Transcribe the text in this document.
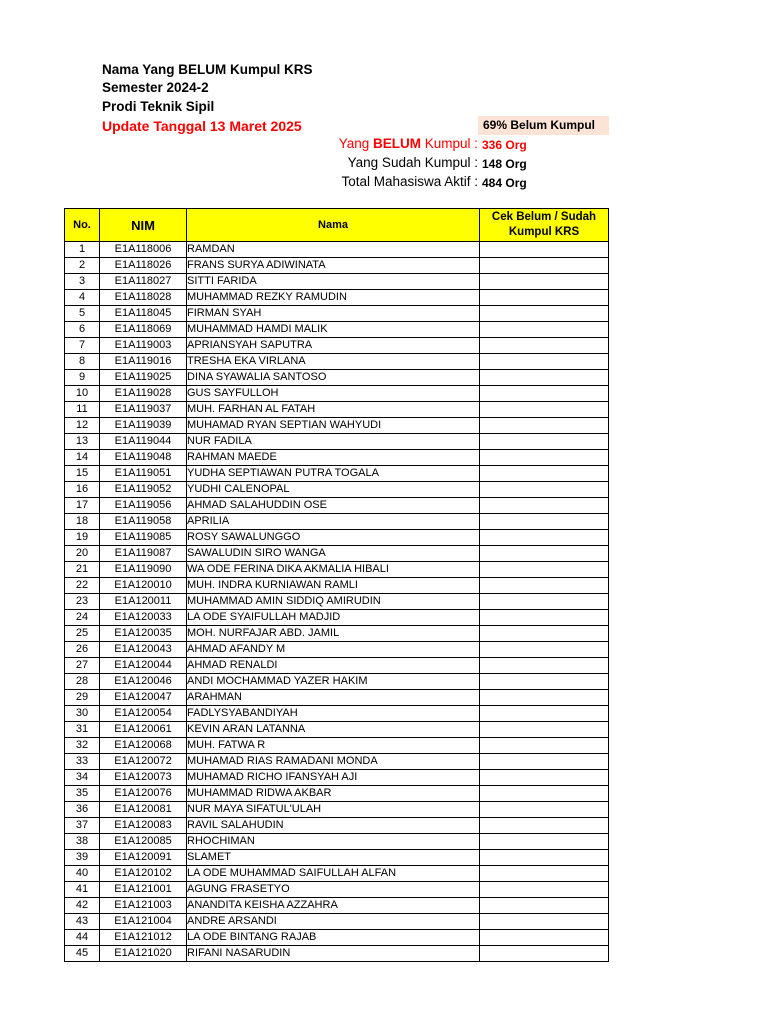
Nama Yang BELUM Kumpul KRS
Semester 2024-2
Prodi Teknik Sipil
Update Tanggal 13 Maret 2025	69% Belum Kumpul
Yang BELUM Kumpul : 336 Org
Yang Sudah Kumpul : 148 Org
Total Mahasiswa Aktif : 484 Org
No.	NIM	Nama	Cek Belum / Sudah Kumpul KRS
1	E1A118006	RAMDAN	
2	E1A118026	FRANS SURYA ADIWINATA	
3	E1A118027	SITTI FARIDA	
4	E1A118028	MUHAMMAD REZKY RAMUDIN	
5	E1A118045	FIRMAN SYAH	
6	E1A118069	MUHAMMAD HAMDI MALIK	
7	E1A119003	APRIANSYAH SAPUTRA	
8	E1A119016	TRESHA EKA VIRLANA	
9	E1A119025	DINA SYAWALIA SANTOSO	
10	E1A119028	GUS SAYFULLOH	
11	E1A119037	MUH. FARHAN AL FATAH	
12	E1A119039	MUHAMAD RYAN SEPTIAN WAHYUDI	
13	E1A119044	NUR FADILA	
14	E1A119048	RAHMAN MAEDE	
15	E1A119051	YUDHA SEPTIAWAN PUTRA TOGALA	
16	E1A119052	YUDHI CALENOPAL	
17	E1A119056	AHMAD SALAHUDDIN OSE	
18	E1A119058	APRILIA	
19	E1A119085	ROSY SAWALUNGGO	
20	E1A119087	SAWALUDIN SIRO WANGA	
21	E1A119090	WA ODE FERINA DIKA AKMALIA HIBALI	
22	E1A120010	MUH. INDRA KURNIAWAN RAMLI	
23	E1A120011	MUHAMMAD AMIN SIDDIQ AMIRUDIN	
24	E1A120033	LA ODE SYAIFULLAH MADJID	
25	E1A120035	MOH. NURFAJAR ABD. JAMIL	
26	E1A120043	AHMAD AFANDY M	
27	E1A120044	AHMAD RENALDI	
28	E1A120046	ANDI MOCHAMMAD YAZER HAKIM	
29	E1A120047	ARAHMAN	
30	E1A120054	FADLYSYABANDIYAH	
31	E1A120061	KEVIN ARAN LATANNA	
32	E1A120068	MUH. FATWA R	
33	E1A120072	MUHAMAD RIAS RAMADANI MONDA	
34	E1A120073	MUHAMAD RICHO IFANSYAH AJI	
35	E1A120076	MUHAMMAD RIDWA AKBAR	
36	E1A120081	NUR MAYA SIFATUL'ULAH	
37	E1A120083	RAVIL SALAHUDIN	
38	E1A120085	RHOCHIMAN	
39	E1A120091	SLAMET	
40	E1A120102	LA ODE MUHAMMAD SAIFULLAH ALFAN	
41	E1A121001	AGUNG FRASETYO	
42	E1A121003	ANANDITA KEISHA AZZAHRA	
43	E1A121004	ANDRE ARSANDI	
44	E1A121012	LA ODE BINTANG RAJAB	
45	E1A121020	RIFANI NASARUDIN	
